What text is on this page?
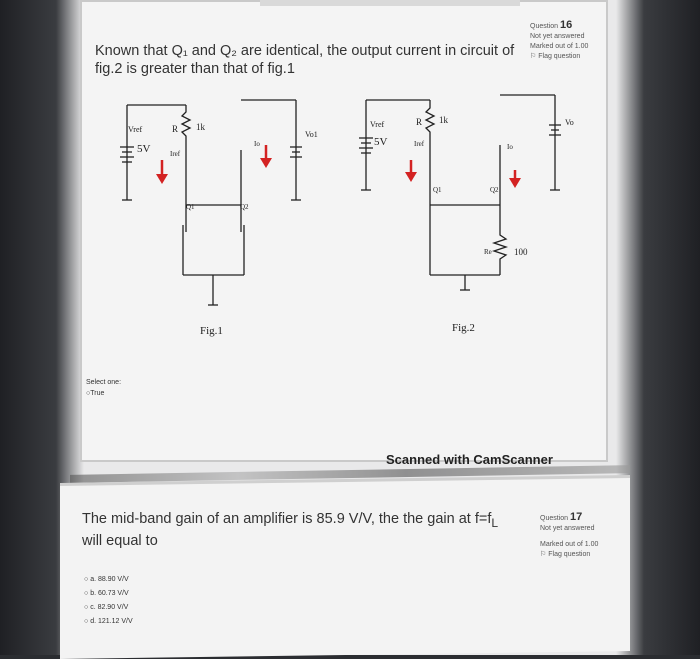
Known that Q₁ and Q₂ are identical, the output current in circuit of fig.2 is greater than that of fig.1
Question 16
Not yet answered
Marked out of 1.00
⚐ Flag question
Vref
5V
R 1k
Iref
Q1	Q2
Io
Vo1
Fig.1
Vref
5V
R 1k
Iref
Q1	Q2
Io
Vo
Re 100
Fig.2
Select one:
○True
Scanned with CamScanner
The mid-band gain of an amplifier is 85.9 V/V, the the gain at $f=f_L$
will equal to
Question 17
Not yet answered
Marked out of 1.00
⚐ Flag question
○ a. 88.90 V/V
○ b. 60.73 V/V
○ c. 82.90 V/V
○ d. 121.12 V/V
